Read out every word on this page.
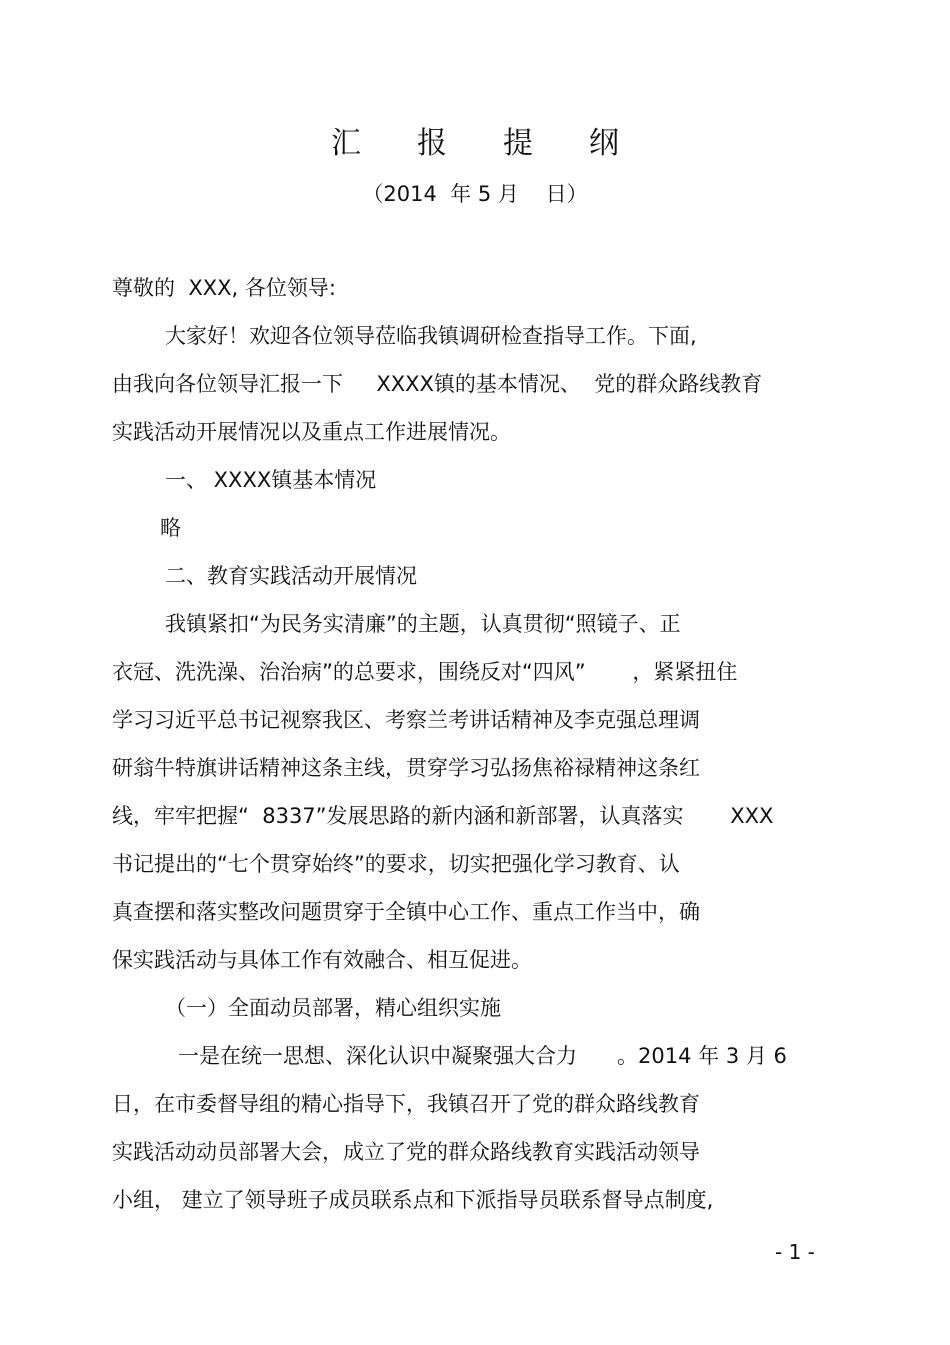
汇报提纲
（2014  年 5 月    日）
尊敬的  XXX, 各位领导:
大家好！欢迎各位领导莅临我镇调研检查指导工作。下面,
由我向各位领导汇报一下     XXXX镇的基本情况、  党的群众路线教育
实践活动开展情况以及重点工作进展情况。
一、 XXXX镇基本情况
略
二、教育实践活动开展情况
我镇紧扣“为民务实清廉”的主题，认真贯彻“照镜子、正
衣冠、洗洗澡、治治病”的总要求，围绕反对“四风”       ，紧紧扭住
学习习近平总书记视察我区、考察兰考讲话精神及李克强总理调
研翁牛特旗讲话精神这条主线，贯穿学习弘扬焦裕禄精神这条红
线，牢牢把握“  8337”发展思路的新内涵和新部署，认真落实       XXX
书记提出的“七个贯穿始终”的要求，切实把强化学习教育、认
真查摆和落实整改问题贯穿于全镇中心工作、重点工作当中，确
保实践活动与具体工作有效融合、相互促进。
（一）全面动员部署，精心组织实施
一是在统一思想、深化认识中凝聚强大合力      。2014 年 3 月 6
日，在市委督导组的精心指导下，我镇召开了党的群众路线教育
实践活动动员部署大会，成立了党的群众路线教育实践活动领导
小组， 建立了领导班子成员联系点和下派指导员联系督导点制度,
- 1 -
